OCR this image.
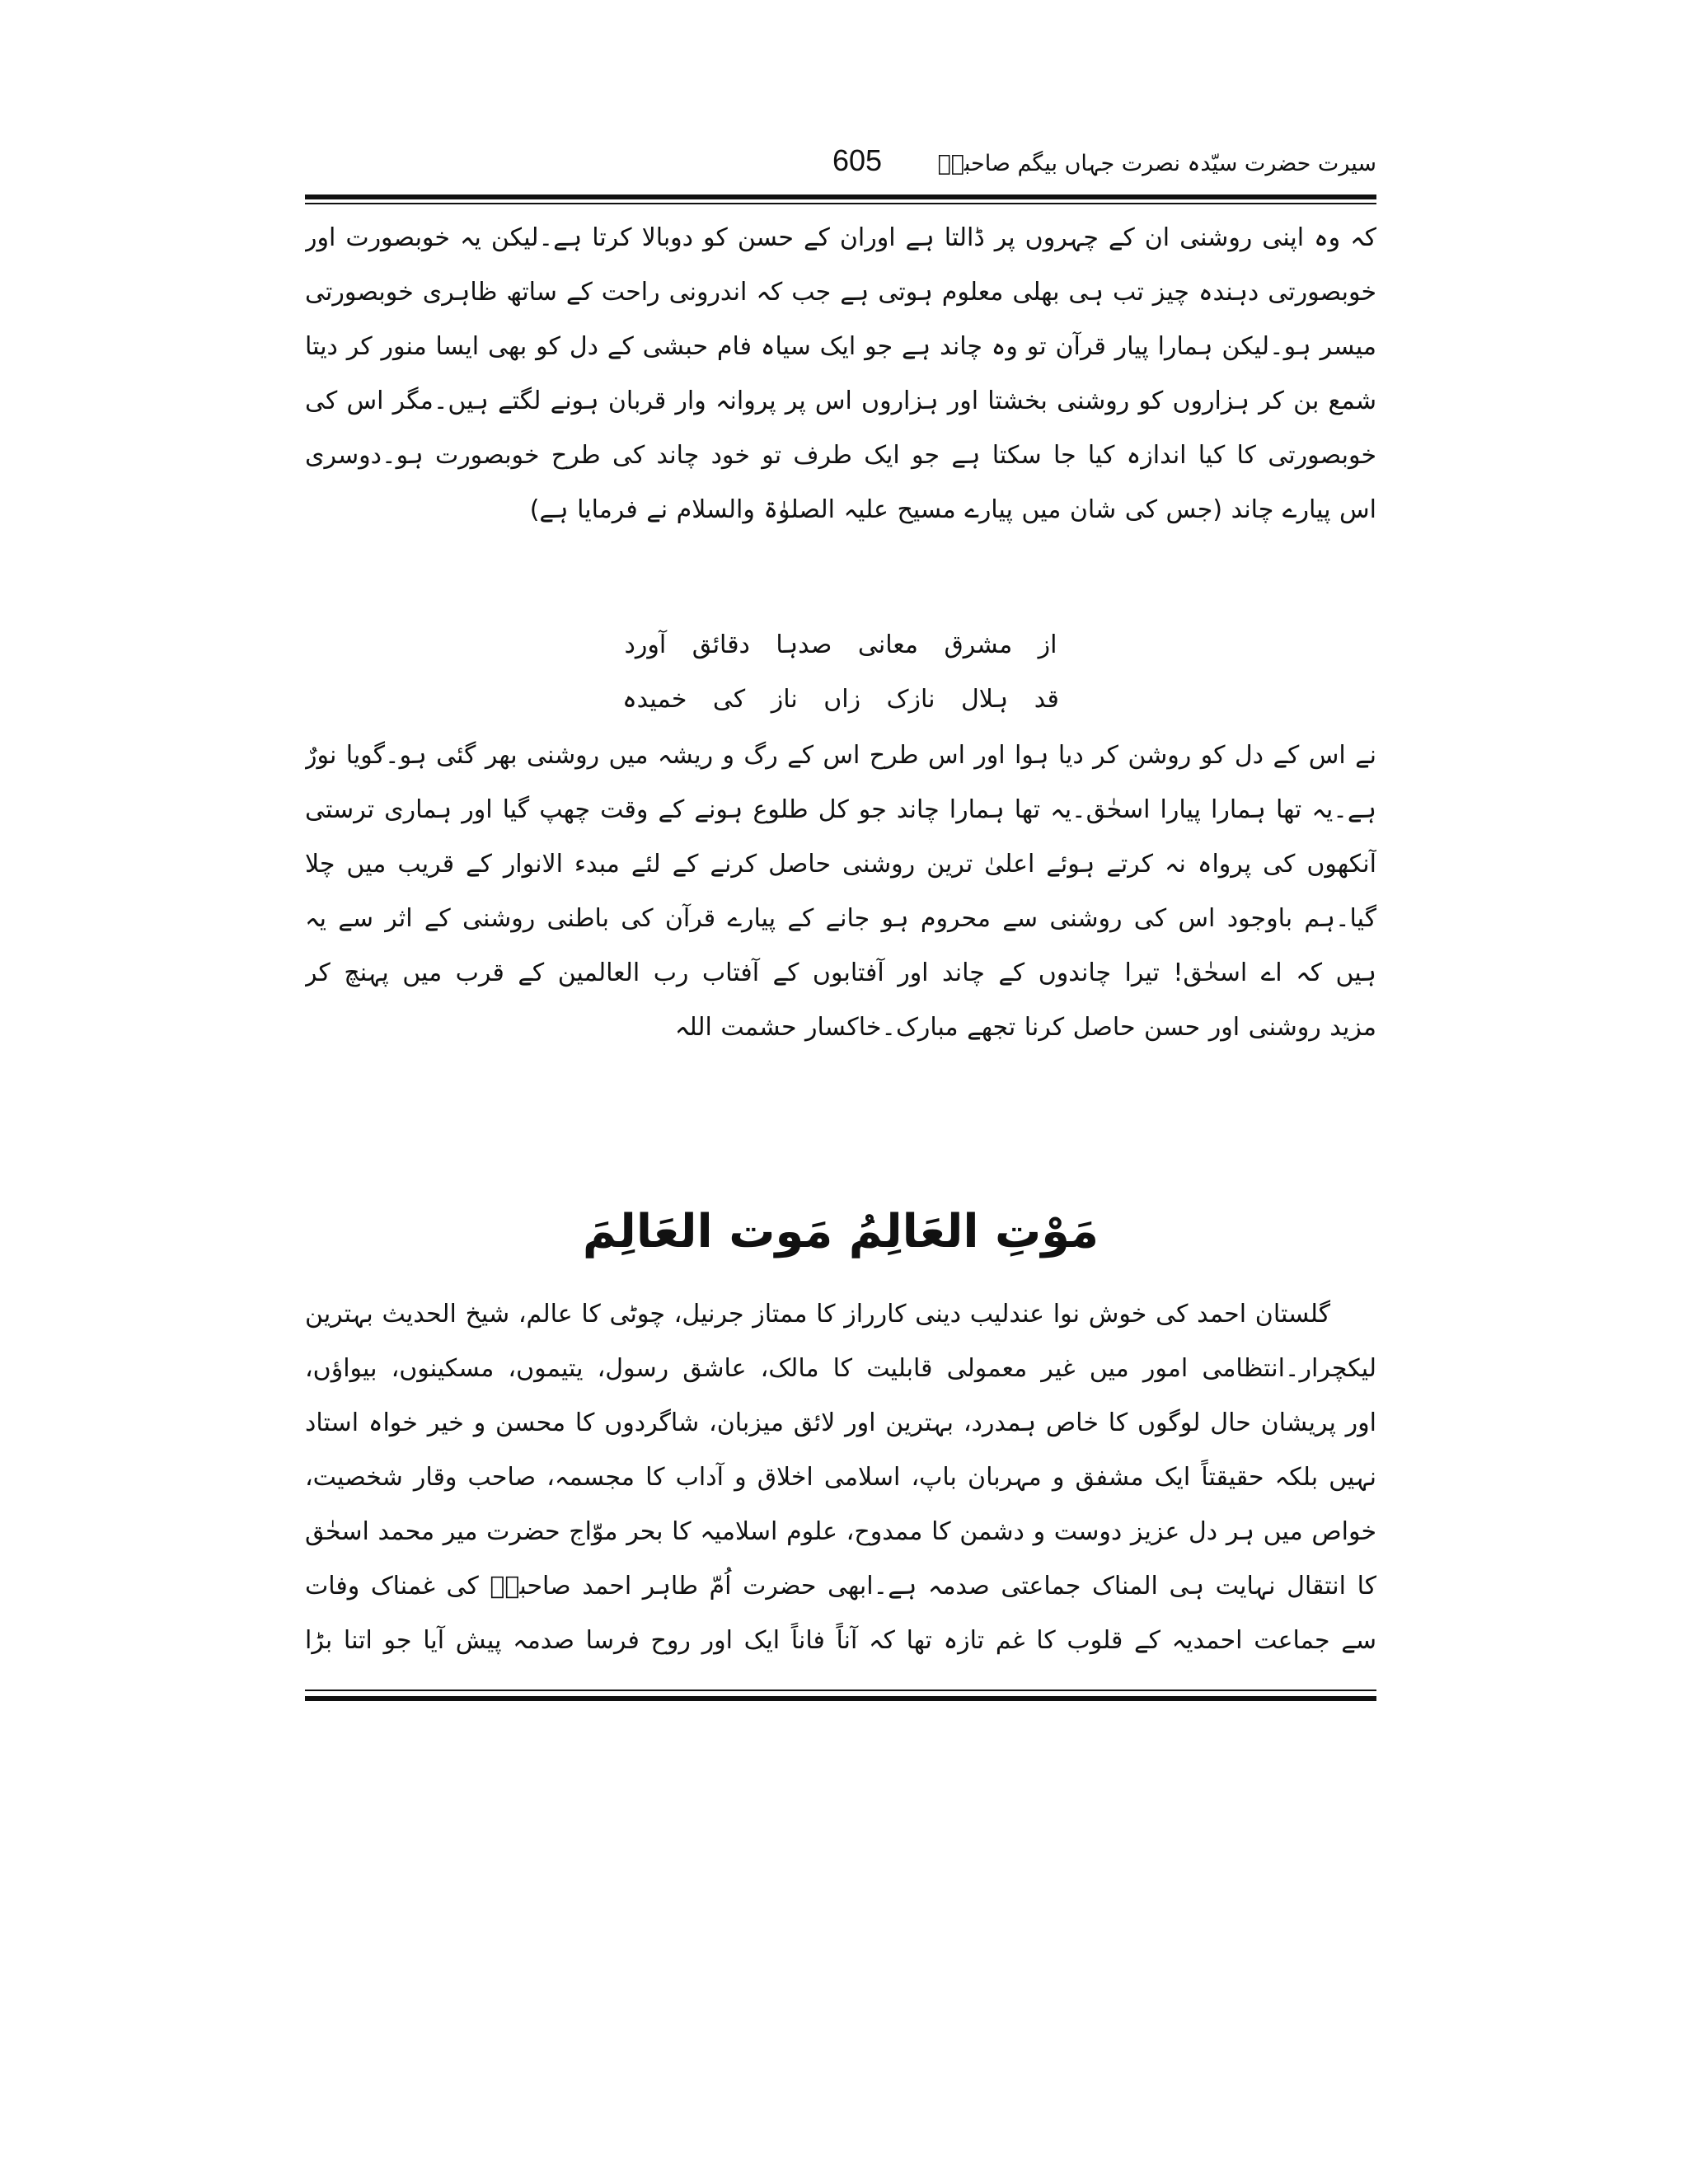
605	سیرت حضرت سیّدہ نصرت جہاں بیگم صاحبہؓ
کہ وہ اپنی روشنی ان کے چہروں پر ڈالتا ہے اوران کے حسن کو دوبالا کرتا ہے۔لیکن یہ خوبصورت اور
خوبصورتی دہندہ چیز تب ہی بھلی معلوم ہوتی ہے جب کہ اندرونی راحت کے ساتھ ظاہری خوبصورتی
میسر ہو۔لیکن ہمارا پیار قرآن تو وہ چاند ہے جو ایک سیاہ فام حبشی کے دل کو بھی ایسا منور کر دیتا
شمع بن کر ہزاروں کو روشنی بخشتا اور ہزاروں اس پر پروانہ وار قربان ہونے لگتے ہیں۔مگر اس کی
خوبصورتی کا کیا اندازہ کیا جا سکتا ہے جو ایک طرف تو خود چاند کی طرح خوبصورت ہو۔دوسری
اس پیارے چاند (جس کی شان میں پیارے مسیح علیہ الصلوٰۃ والسلام نے فرمایا ہے)
از مشرق معانی صدہا دقائق آورد
قد ہلال نازک زاں ناز کی خمیدہ
نے اس کے دل کو روشن کر دیا ہوا اور اس طرح اس کے رگ و ریشہ میں روشنی بھر گئی ہو۔گویا نورٌ
ہے۔یہ تھا ہمارا پیارا اسحٰق۔یہ تھا ہمارا چاند جو کل طلوع ہونے کے وقت چھپ گیا اور ہماری ترستی
آنکھوں کی پرواہ نہ کرتے ہوئے اعلیٰ ترین روشنی حاصل کرنے کے لئے مبدء الانوار کے قریب میں چلا
گیا۔ہم باوجود اس کی روشنی سے محروم ہو جانے کے پیارے قرآن کی باطنی روشنی کے اثر سے یہ
ہیں کہ اے اسحٰق! تیرا چاندوں کے چاند اور آفتابوں کے آفتاب رب العالمین کے قرب میں پہنچ کر
مزید روشنی اور حسن حاصل کرنا تجھے مبارک۔خاکسار حشمت اللہ
مَوْتِ العَالِمُ مَوت العَالِمَ
گلستان احمد کی خوش نوا عندلیب دینی کارراز کا ممتاز جرنیل، چوٹی کا عالم، شیخ الحدیث بہترین
لیکچرار۔انتظامی امور میں غیر معمولی قابلیت کا مالک، عاشق رسول، یتیموں، مسکینوں، بیواؤں،
اور پریشان حال لوگوں کا خاص ہمدرد، بہترین اور لائق میزبان، شاگردوں کا محسن و خیر خواہ استاد
نہیں بلکہ حقیقتاً ایک مشفق و مہربان باپ، اسلامی اخلاق و آداب کا مجسمہ، صاحب وقار شخصیت،
خواص میں ہر دل عزیز دوست و دشمن کا ممدوح، علوم اسلامیہ کا بحر موّاج حضرت میر محمد اسحٰق
کا انتقال نہایت ہی المناک جماعتی صدمہ ہے۔ابھی حضرت اُمّ طاہر احمد صاحبہؓ کی غمناک وفات
سے جماعت احمدیہ کے قلوب کا غم تازہ تھا کہ آناً فاناً ایک اور روح فرسا صدمہ پیش آیا جو اتنا بڑا
